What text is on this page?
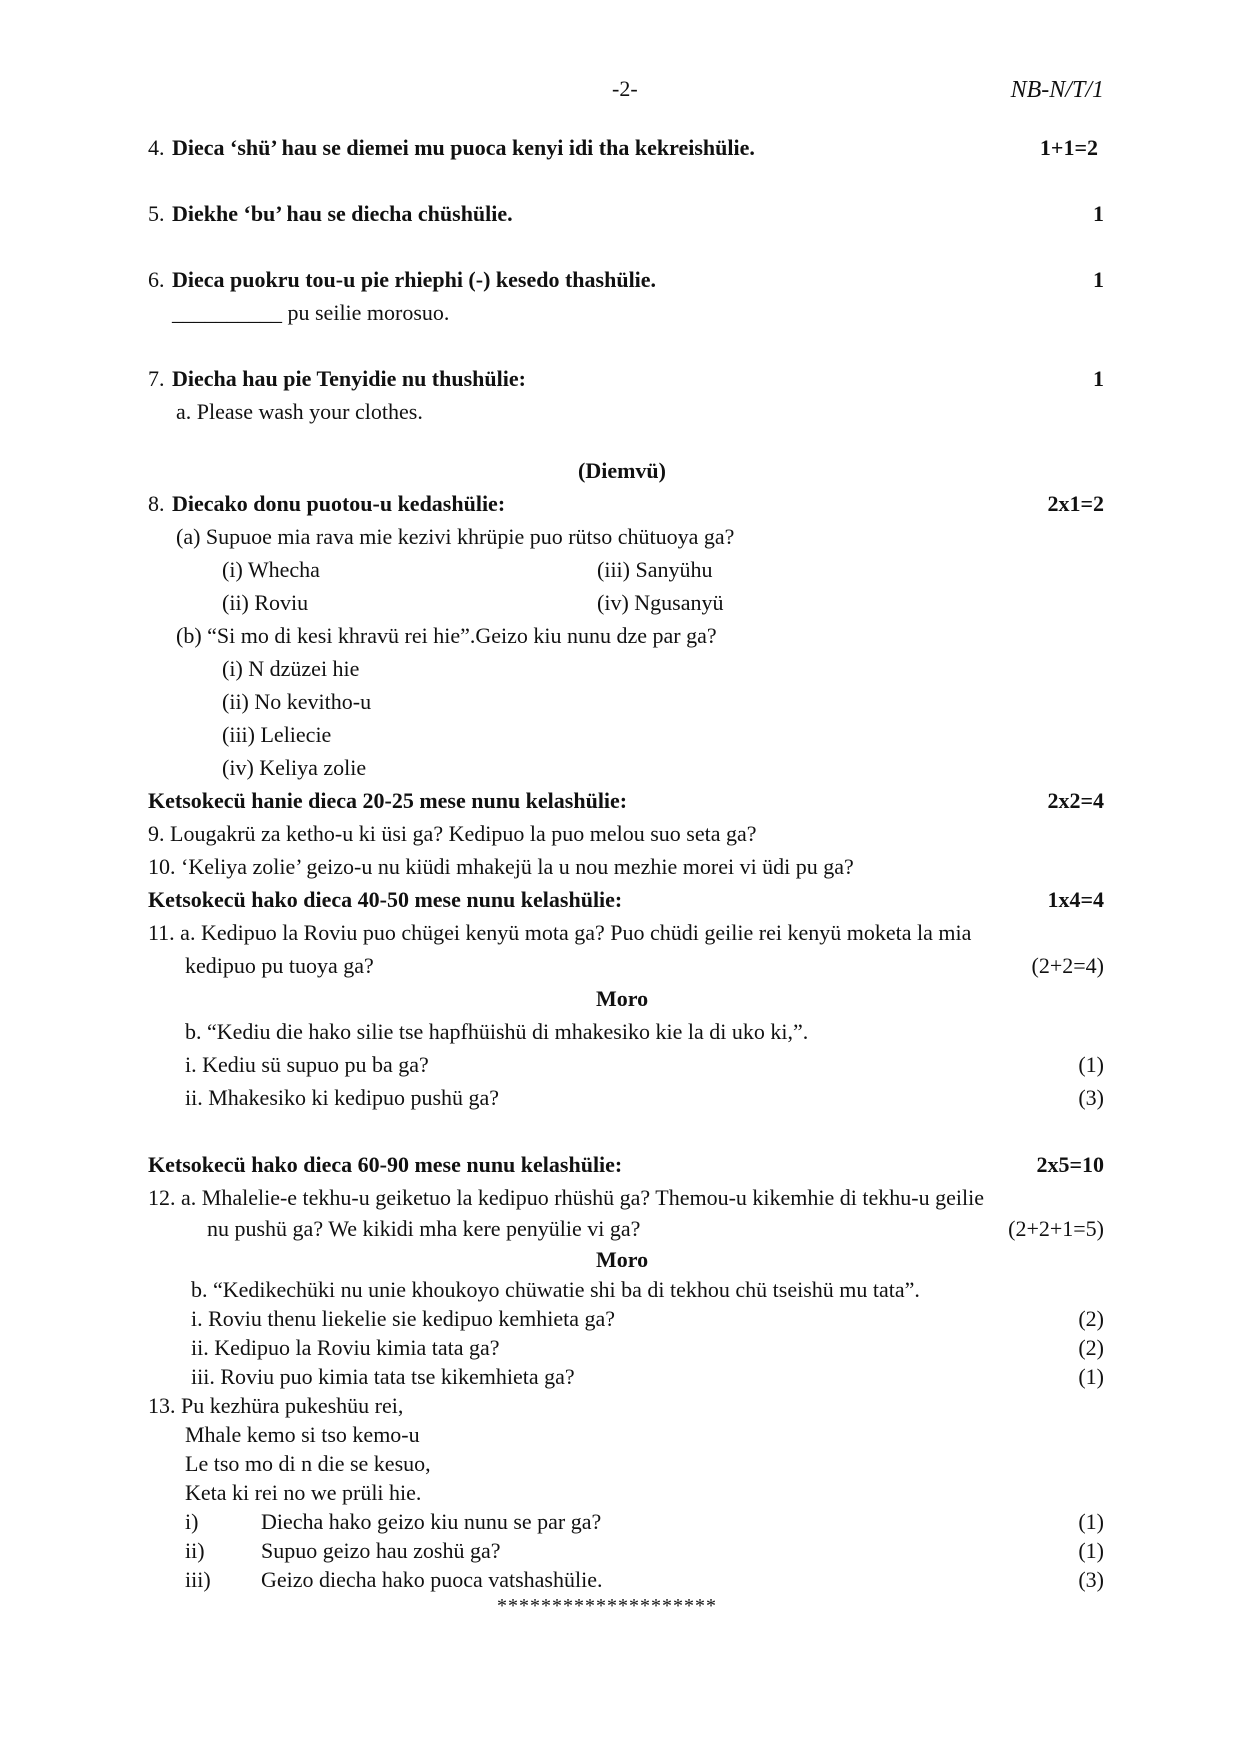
-2-	NB-N/T/1
4. Dieca ‘shü’ hau se diemei mu puoca kenyi idi tha kekreishülie.	1+1=2
5. Diekhe ‘bu’ hau se diecha chüshülie.	1
6. Dieca puokru tou-u pie rhiephi (-) kesedo thashülie.	1
__________ pu seilie morosuo.
7. Diecha hau pie Tenyidie nu thushülie:	1
a. Please wash your clothes.
(Diemvü)
8. Diecako donu puotou-u kedashülie:	2x1=2
(a) Supuoe mia rava mie kezivi khrüpie puo rütso chütuoya ga?
(i) Whecha	(iii) Sanyühu
(ii) Roviu	(iv) Ngusanyü
(b) “Si mo di kesi khravü rei hie”.Geizo kiu nunu dze par ga?
(i) N dzüzei hie
(ii) No kevitho-u
(iii) Leliecie
(iv) Keliya zolie
Ketsokecü hanie dieca 20-25 mese nunu kelashülie:	2x2=4
9. Lougakrü za ketho-u ki üsi ga? Kedipuo la puo melou suo seta ga?
10. ‘Keliya zolie’ geizo-u nu kiüdi mhakejü la u nou mezhie morei vi üdi pu ga?
Ketsokecü hako dieca 40-50 mese nunu kelashülie:	1x4=4
11. a. Kedipuo la Roviu puo chügei kenyü mota ga? Puo chüdi geilie rei kenyü moketa la mia
kedipuo pu tuoya ga?	(2+2=4)
Moro
b. “Kediu die hako silie tse hapfhüishü di mhakesiko kie la di uko ki,”.
i. Kediu sü supuo pu ba ga?	(1)
ii. Mhakesiko ki kedipuo pushü ga?	(3)
Ketsokecü hako dieca 60-90 mese nunu kelashülie:	2x5=10
12. a. Mhalelie-e tekhu-u geiketuo la kedipuo rhüshü ga? Themou-u kikemhie di tekhu-u geilie
nu pushü ga? We kikidi mha kere penyülie vi ga?	(2+2+1=5)
Moro
b. “Kedikechüki nu unie khoukoyo chüwatie shi ba di tekhou chü tseishü mu tata”.
i. Roviu thenu liekelie sie kedipuo kemhieta ga?	(2)
ii. Kedipuo la Roviu kimia tata ga?	(2)
iii. Roviu puo kimia tata tse kikemhieta ga?	(1)
13. Pu kezhüra pukeshüu rei,
Mhale kemo si tso kemo-u
Le tso mo di n die se kesuo,
Keta ki rei no we prüli hie.
i)	Diecha hako geizo kiu nunu se par ga?	(1)
ii)	Supuo geizo hau zoshü ga?	(1)
iii) Geizo diecha hako puoca vatshashülie.	(3)
********************
